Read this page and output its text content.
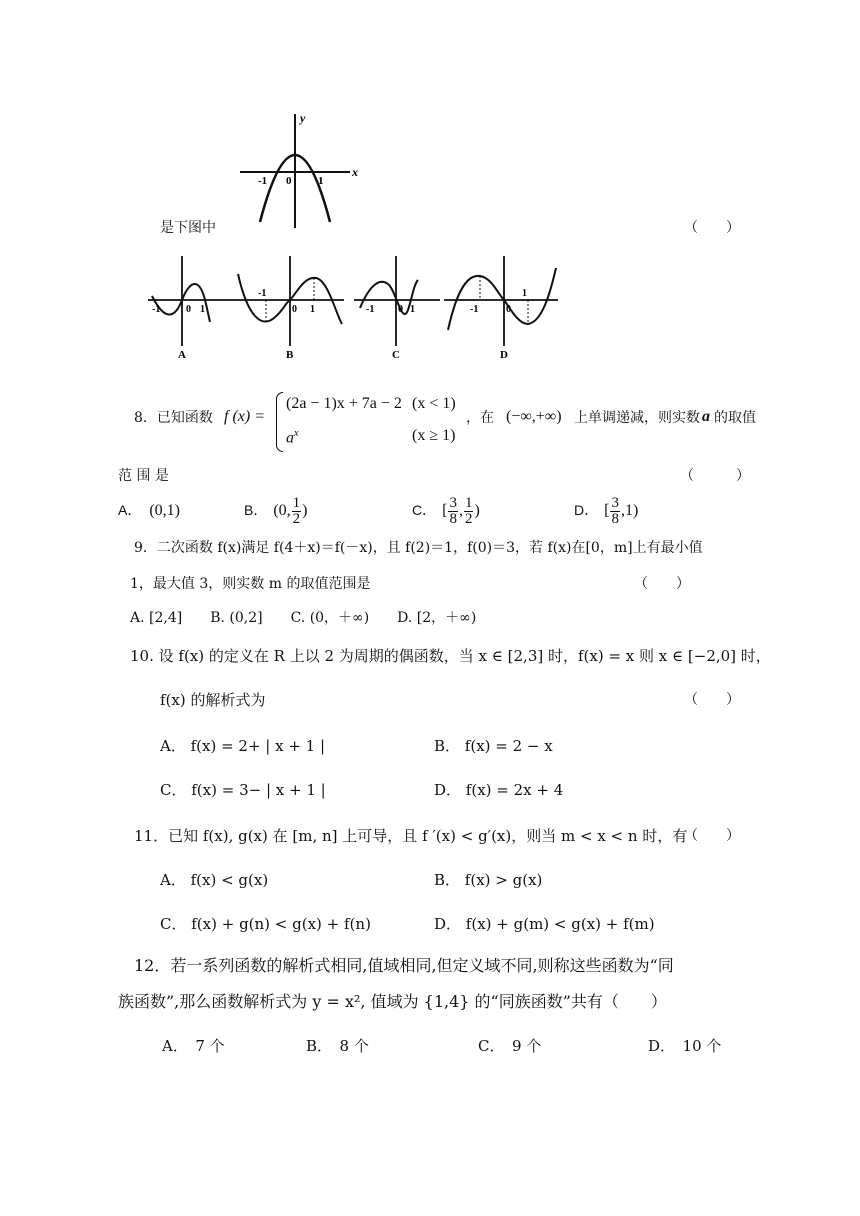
x
y
-1 0 1
是下图中	（　　）
-1	0 1
A
-1
0 1
B
-1 0 1
C
-1	0
1
D
8．已知函数 f (x) =
(2a − 1)x + 7a − 2 (x < 1)
$a^x$	(x ≥ 1)
，在 (−∞,+∞) 上单调递减，则实数 a 的取值
范 围 是	（　　　）
A． (0,1)	B． (0, $\frac{1}{2}$ )	C． [ $\frac{3}{8}$ , $\frac{1}{2}$ )	D． [ $\frac{3}{8} ,1$)
9．二次函数 f(x)满足 f(4＋x)＝f(－x)，且 f(2)＝1，f(0)＝3，若 f(x)在[0，m]上有最小值
1，最大值 3，则实数 m 的取值范围是	（　　）
A. [2,4]　　B. (0,2]　　C. (0，＋∞)　　D. [2，＋∞)
10. 设 f(x) 的定义在 R 上以 2 为周期的偶函数，当 x ∈ [2,3] 时，f(x) = x 则 x ∈ [−2,0] 时，
f(x) 的解析式为	（　　）
A． f(x) = 2+ | x + 1 |	B． f(x) = 2 − x
C． f(x) = 3− | x + 1 |	D． f(x) = 2x + 4
11．已知 f(x), g(x) 在 [m, n] 上可导，且 f ′(x) < g′(x)，则当 m < x < n 时，有
（　　）
A． f(x) < g(x)	B． f(x) > g(x)
C． f(x) + g(n) < g(x) + f(n)	D． f(x) + g(m) < g(x) + f(m)
12．若一系列函数的解析式相同,值域相同,但定义域不同,则称这些函数为“同
族函数”,那么函数解析式为 y = x², 值域为 {1,4} 的“同族函数”共有（　　）
A．　7 个	B．　8 个	C．　9 个	D．　10 个
